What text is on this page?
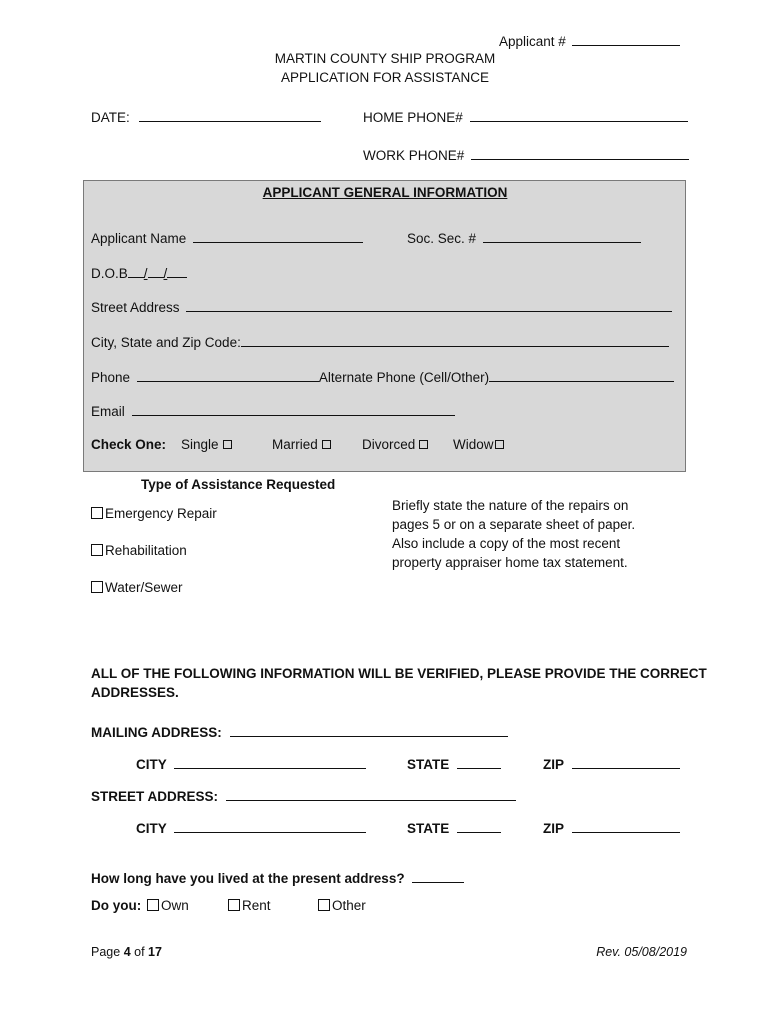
Applicant #
MARTIN COUNTY SHIP PROGRAM
APPLICATION FOR ASSISTANCE
DATE:	HOME PHONE#
WORK PHONE#
APPLICANT GENERAL INFORMATION
Applicant Name	Soc. Sec. #
D.O.B / /
Street Address
City, State and Zip Code:
Phone	Alternate Phone (Cell/Other)
Email
Check One: Single	Married	Divorced	Widow
Type of Assistance Requested
Emergency Repair
Rehabilitation
Water/Sewer
Briefly state the nature of the repairs on
pages 5 or on a separate sheet of paper.
Also include a copy of the most recent
property appraiser home tax statement.
ALL OF THE FOLLOWING INFORMATION WILL BE VERIFIED, PLEASE PROVIDE THE CORRECT
ADDRESSES.
MAILING ADDRESS:
CITY	STATE	ZIP
STREET ADDRESS:
CITY	STATE	ZIP
How long have you lived at the present address?
Do you:	Own	Rent	Other
Page 4 of 17	Rev. 05/08/2019
